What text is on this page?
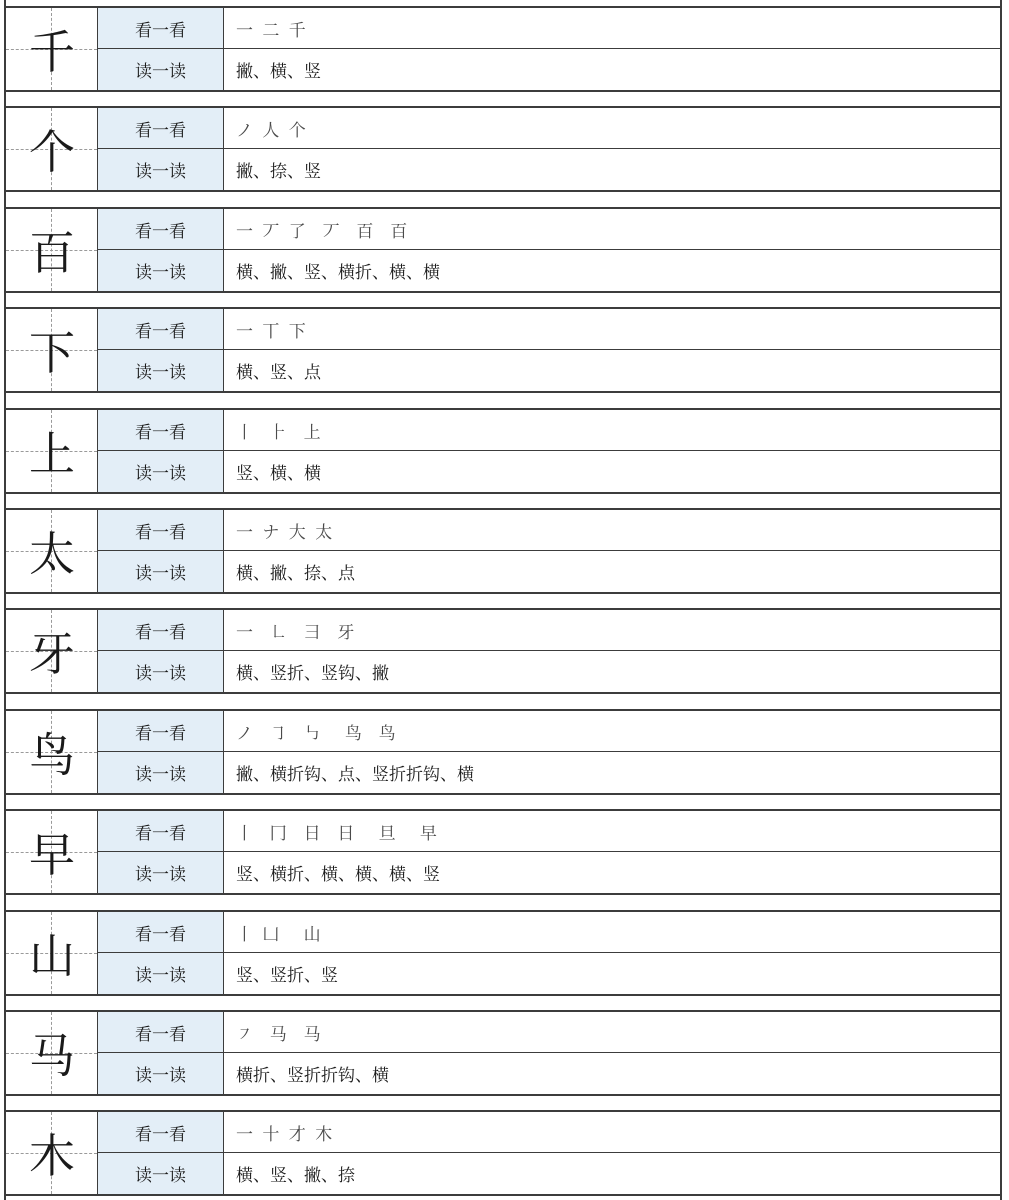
千	看一看	一 二 千
读一读	撇、横、竖
个	看一看	ノ 人 个
读一读	撇、捺、竖
百	看一看	一 丆 了  丆  百  百
读一读	横、撇、竖、横折、横、横
下	看一看	一 丅 下
读一读	横、竖、点
上	看一看	丨  ⺊  上
读一读	竖、横、横
太	看一看	一 ナ 大 太
读一读	横、撇、捺、点
牙	看一看	一  ㇗  ⺕  牙
读一读	横、竖折、竖钩、撇
鸟	看一看	ノ  ㇆  ㇉   鸟  鸟
读一读	撇、横折钩、点、竖折折钩、横
早	看一看	丨  冂  日  日   旦   早
读一读	竖、横折、横、横、横、竖
山	看一看	丨 凵   山
读一读	竖、竖折、竖
马	看一看	㇇  马  马
读一读	横折、竖折折钩、横
木	看一看	一 十 才 木
读一读	横、竖、撇、捺
